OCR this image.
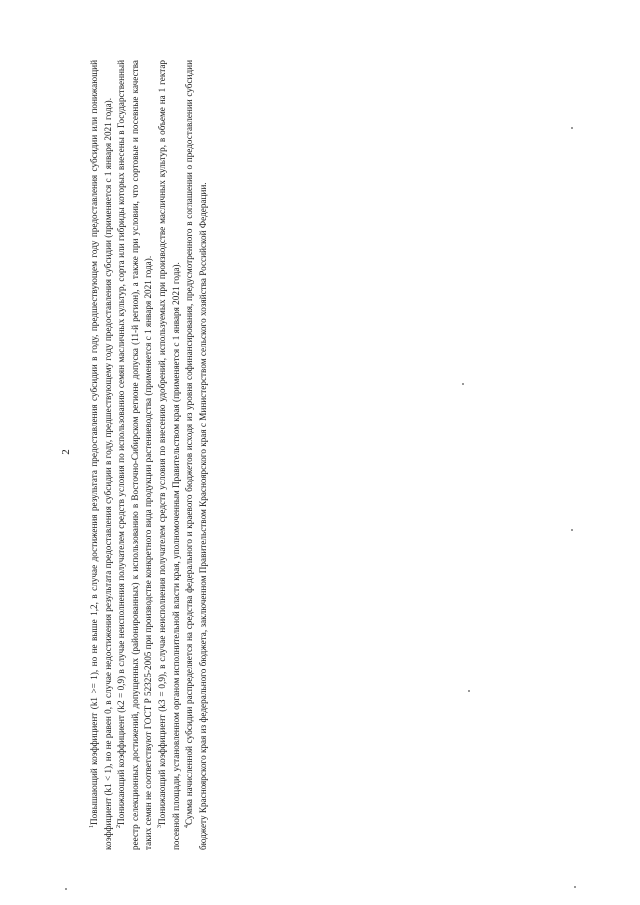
2

$^1$Повышающий коэффициент (k1 >= 1), но не выше 1,2, в случае достижения результата предоставления субсидии в году, предшествующем году предоставления субсидии или понижающий коэффициент (k1 < 1), но не равен 0, в случае недостижения результата предоставления субсидии в году, предшествующему году предоставления субсидии (применяется с 1 января 2021 года). $^2$Понижающий коэффициент (k2 = 0,9) в случае неисполнения получателем средств условия по использованию семян масличных культур, сорта или гибриды которых внесены в Государственный реестр селекционных достижений, допущенных (районированных) к использованию в Восточно-Сибирском регионе допуска (11-й регион), а также при условии, что сортовые и посевные качества таких семян не соответствуют ГОСТ Р 52325-2005 при производстве конкретного вида продукции растениеводства (применяется с 1 января 2021 года). $^3$Понижающий коэффициент (k3 = 0,9), в случае неисполнения получателем средств условия по внесению удобрений, используемых при производстве масличных культур, в объеме на 1 гектар посевной площади, установленном органом исполнительной власти края, уполномоченным Правительством края (применяется с 1 января 2021 года). $^4$Сумма начисленной субсидии распределяется на средства федерального и краевого бюджетов исходя из уровня софинансирования, предусмотренного в соглашении о предоставлении субсидии бюджету Красноярского края из федерального бюджета, заключенном Правительством Красноярского края с Министерством сельского хозяйства Российской Федерации.
